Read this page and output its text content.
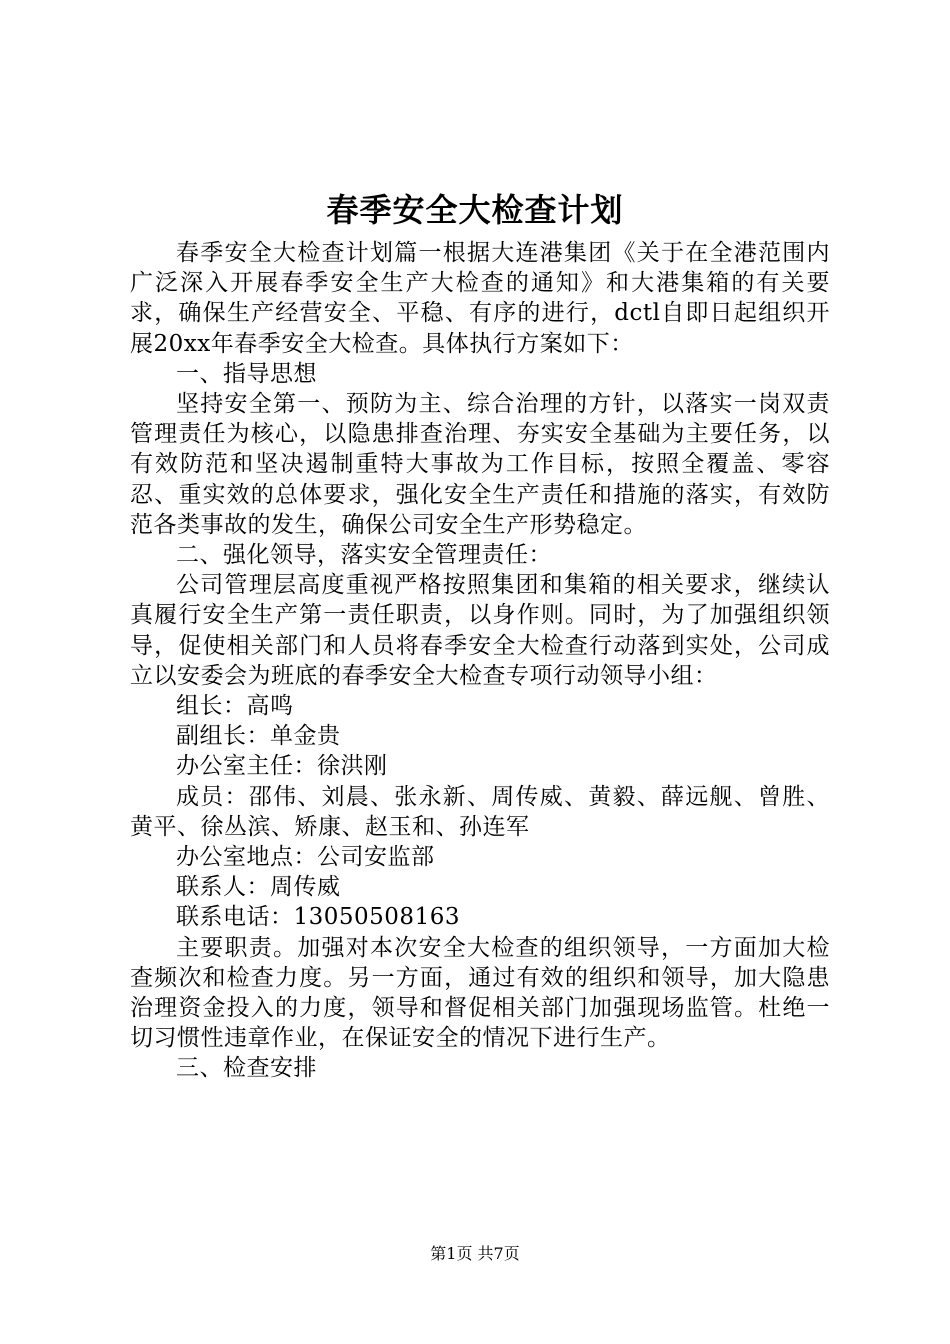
春季安全大检查计划

春季安全大检查计划篇一根据大连港集团《关于在全港范围内广泛深入开展春季安全生产大检查的通知》和大港集箱的有关要求，确保生产经营安全、平稳、有序的进行，dctl自即日起组织开展20xx年春季安全大检查。具体执行方案如下：

一、指导思想

坚持安全第一、预防为主、综合治理的方针，以落实一岗双责管理责任为核心，以隐患排查治理、夯实安全基础为主要任务，以有效防范和坚决遏制重特大事故为工作目标，按照全覆盖、零容忍、重实效的总体要求，强化安全生产责任和措施的落实，有效防范各类事故的发生，确保公司安全生产形势稳定。

二、强化领导，落实安全管理责任：

公司管理层高度重视严格按照集团和集箱的相关要求，继续认真履行安全生产第一责任职责，以身作则。同时，为了加强组织领导，促使相关部门和人员将春季安全大检查行动落到实处，公司成立以安委会为班底的春季安全大检查专项行动领导小组：

组长：高鸣

副组长：单金贵

办公室主任：徐洪刚

成员：邵伟、刘晨、张永新、周传威、黄毅、薛远舰、曾胜、黄平、徐丛滨、矫康、赵玉和、孙连军

办公室地点：公司安监部

联系人：周传威

联系电话：13050508163

主要职责。加强对本次安全大检查的组织领导，一方面加大检查频次和检查力度。另一方面，通过有效的组织和领导，加大隐患治理资金投入的力度，领导和督促相关部门加强现场监管。杜绝一切习惯性违章作业，在保证安全的情况下进行生产。

三、检查安排

第1页 共7页
